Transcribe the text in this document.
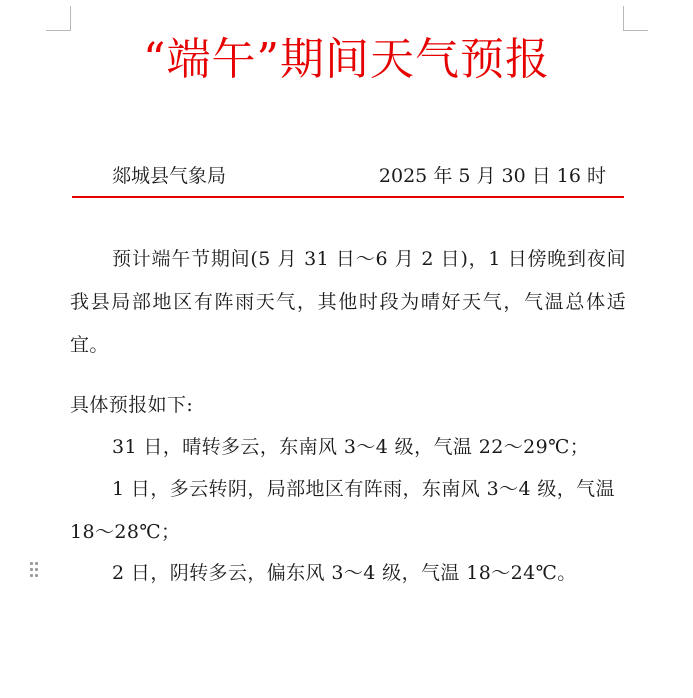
“端午”期间天气预报
郯城县气象局	2025 年 5 月 30 日 16 时

预计端午节期间(5 月 31 日～6 月 2 日)，1 日傍晚到夜间我县局部地区有阵雨天气，其他时段为晴好天气，气温总体适宜。

具体预报如下:

31 日，晴转多云，东南风 3～4 级，气温 22～29℃；

1 日，多云转阴，局部地区有阵雨，东南风 3～4 级，气温 18～28℃；

2 日，阴转多云，偏东风 3～4 级，气温 18～24℃。
